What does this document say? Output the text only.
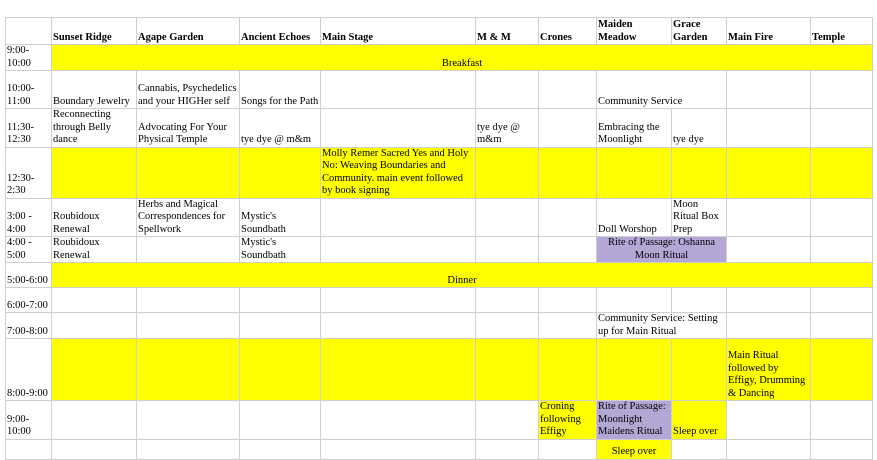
	Sunset Ridge	Agape Garden	Ancient Echoes	Main Stage	M & M	Crones	Maiden Meadow	Grace Garden	Main Fire	Temple
9:00-10:00	Breakfast									
10:00-11:00	Boundary Jewelry	Cannabis, Psychedelics and your HIGHer self	Songs for the Path				Community Service			
11:30-12:30	Reconnecting through Belly dance	Advocating For Your Physical Temple	tye dye @ m&m		tye dye @ m&m		Embracing the Moonlight	tye dye		
12:30-2:30				Molly Remer Sacred Yes and Holy No: Weaving Boundaries and Community. main event followed by book signing						
3:00 - 4:00	Roubidoux Renewal	Herbs and Magical Correspondences for Spellwork	Mystic's Soundbath				Doll Worshop	Moon Ritual Box Prep		
4:00 - 5:00	Roubidoux Renewal		Mystic's Soundbath				Rite of Passage: Oshanna Moon Ritual			
5:00-6:00	Dinner									
6:00-7:00										
7:00-8:00							Community Service: Setting up for Main Ritual			
8:00-9:00									Main Ritual followed by Effigy, Drumming & Dancing	
9:00-10:00						Croning following Effigy	Rite of Passage: Moonlight Maidens Ritual	Sleep over		
							Sleep over			
